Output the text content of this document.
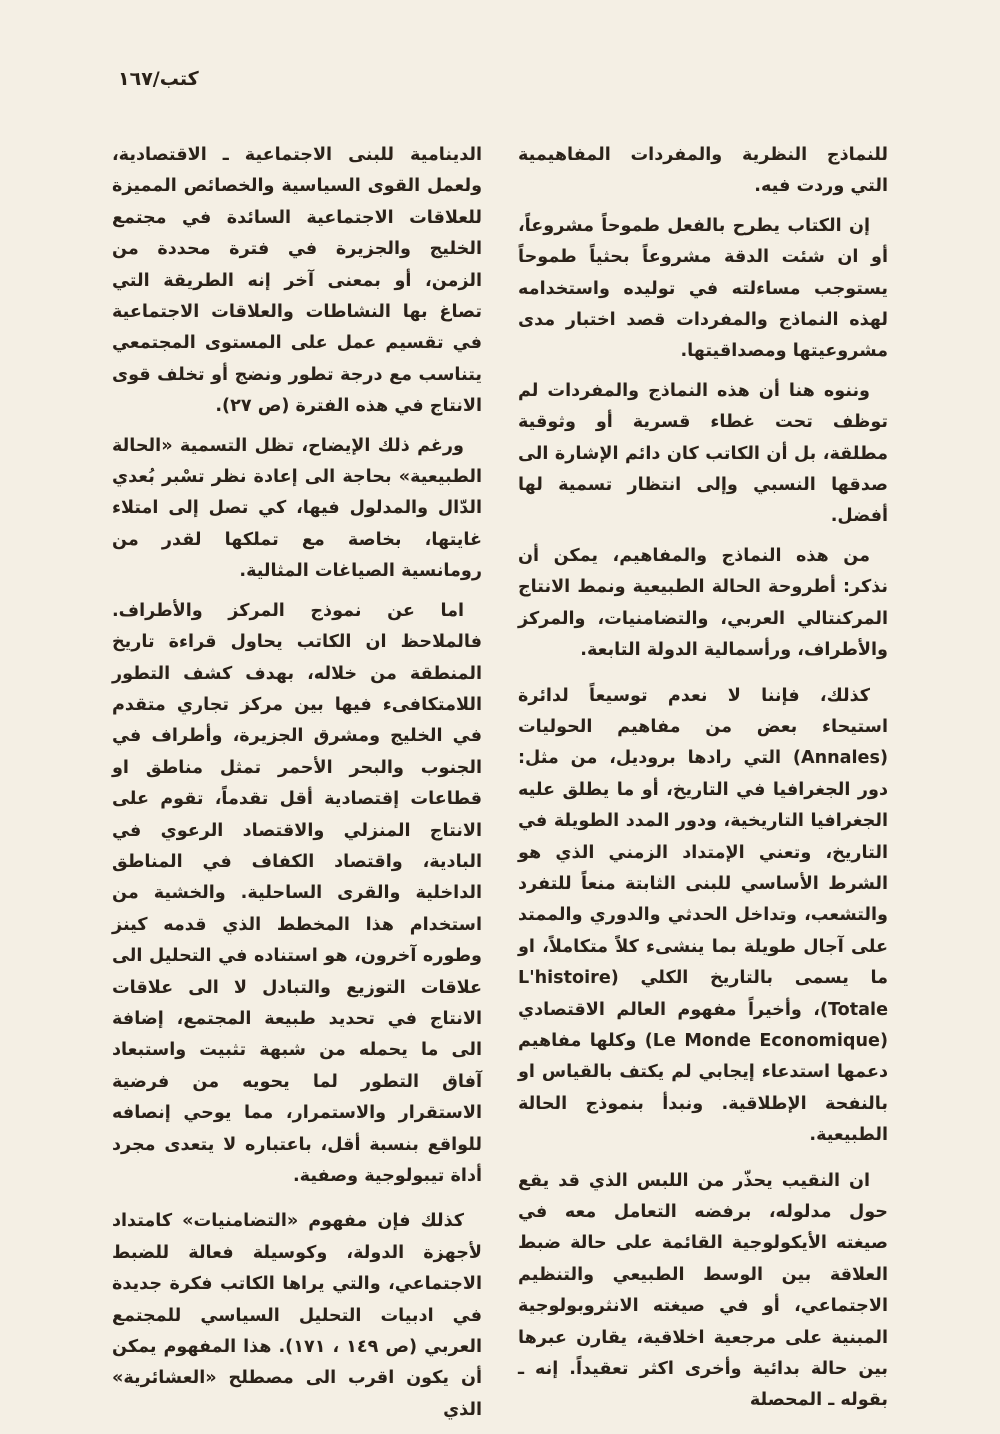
كتب/١٦٧

للنماذج النظرية والمفردات المفاهيمية التي وردت فيه.

إن الكتاب يطرح بالفعل طموحاً مشروعاً، أو ان شئت الدقة مشروعاً بحثياً طموحاً يستوجب مساءلته في توليده واستخدامه لهذه النماذج والمفردات قصد اختبار مدى مشروعيتها ومصداقيتها.

وننوه هنا أن هذه النماذج والمفردات لم توظف تحت غطاء قسرية أو وثوقية مطلقة، بل أن الكاتب كان دائم الإشارة الى صدقها النسبي وإلى انتظار تسمية لها أفضل.

من هذه النماذج والمفاهيم، يمكن أن نذكر: أطروحة الحالة الطبيعية ونمط الانتاج المركنتالي العربي، والتضامنيات، والمركز والأطراف، ورأسمالية الدولة التابعة.

كذلك، فإننا لا نعدم توسيعاً لدائرة استيحاء بعض من مفاهيم الحوليات (Annales) التي رادها بروديل، من مثل: دور الجغرافيا في التاريخ، أو ما يطلق عليه الجغرافيا التاريخية، ودور المدد الطويلة في التاريخ، وتعني الإمتداد الزمني الذي هو الشرط الأساسي للبنى الثابتة منعاً للتفرد والتشعب، وتداخل الحدثي والدوري والممتد على آجال طويلة بما ينشىء كلاً متكاملاً، او ما يسمى بالتاريخ الكلي (L'histoire Totale)، وأخيراً مفهوم العالم الاقتصادي (Le Monde Economique) وكلها مفاهيم دعمها استدعاء إيجابي لم يكتف بالقياس او بالنفحة الإطلاقية. ونبدأ بنموذج الحالة الطبيعية.

ان النقيب يحذّر من اللبس الذي قد يقع حول مدلوله، برفضه التعامل معه في صيغته الأيكولوجية القائمة على حالة ضبط العلاقة بين الوسط الطبيعي والتنظيم الاجتماعي، أو في صيغته الانثروبولوجية المبنية على مرجعية اخلاقية، يقارن عبرها بين حالة بدائية وأخرى اكثر تعقيداً. إنه ـ بقوله ـ المحصلة

الدينامية للبنى الاجتماعية ـ الاقتصادية، ولعمل القوى السياسية والخصائص المميزة للعلاقات الاجتماعية السائدة في مجتمع الخليج والجزيرة في فترة محددة من الزمن، أو بمعنى آخر إنه الطريقة التي تصاغ بها النشاطات والعلاقات الاجتماعية في تقسيم عمل على المستوى المجتمعي يتناسب مع درجة تطور ونضج أو تخلف قوى الانتاج في هذه الفترة (ص ٢٧).

ورغم ذلك الإيضاح، تظل التسمية «الحالة الطبيعية» بحاجة الى إعادة نظر تسْبر بُعدي الدّال والمدلول فيها، كي تصل إلى امتلاء غايتها، بخاصة مع تملكها لقدر من رومانسية الصياغات المثالية.

اما عن نموذج المركز والأطراف. فالملاحظ ان الكاتب يحاول قراءة تاريخ المنطقة من خلاله، بهدف كشف التطور اللامتكافىء فيها بين مركز تجاري متقدم في الخليج ومشرق الجزيرة، وأطراف في الجنوب والبحر الأحمر تمثل مناطق او قطاعات إقتصادية أقل تقدماً، تقوم على الانتاج المنزلي والاقتصاد الرعوي في البادية، واقتصاد الكفاف في المناطق الداخلية والقرى الساحلية. والخشية من استخدام هذا المخطط الذي قدمه كينز وطوره آخرون، هو استناده في التحليل الى علاقات التوزيع والتبادل لا الى علاقات الانتاج في تحديد طبيعة المجتمع، إضافة الى ما يحمله من شبهة تثبيت واستبعاد آفاق التطور لما يحويه من فرضية الاستقرار والاستمرار، مما يوحي إنصافه للواقع بنسبة أقل، باعتباره لا يتعدى مجرد أداة تيبولوجية وصفية.

كذلك فإن مفهوم «التضامنيات» كامتداد لأجهزة الدولة، وكوسيلة فعالة للضبط الاجتماعي، والتي يراها الكاتب فكرة جديدة في ادبيات التحليل السياسي للمجتمع العربي (ص ١٤٩ ، ١٧١). هذا المفهوم يمكن أن يكون اقرب الى مصطلح «العشائرية» الذي
